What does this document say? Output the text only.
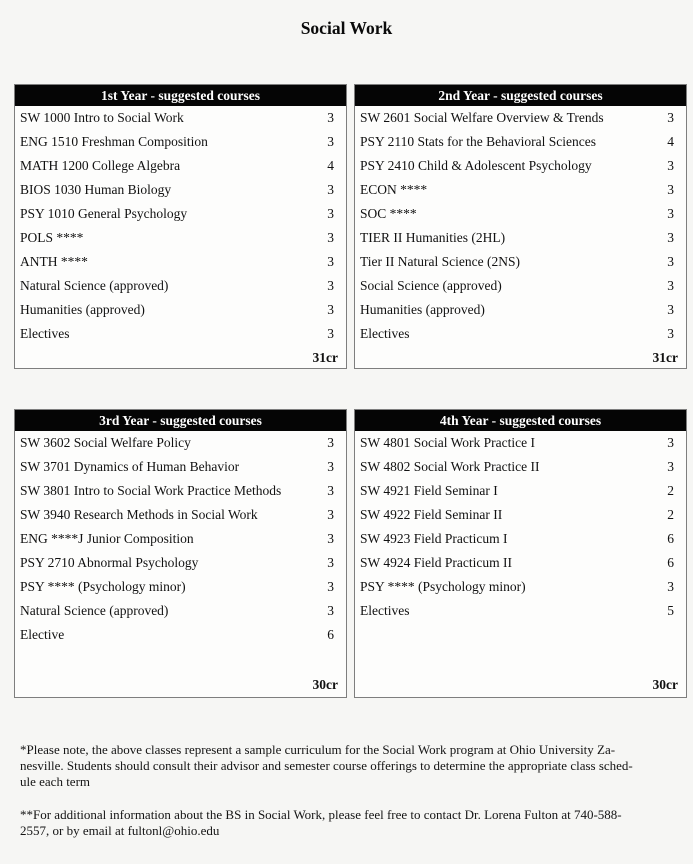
Social Work
1st Year - suggested courses
SW 1000 Intro to Social Work	3
ENG 1510 Freshman Composition	3
MATH 1200 College Algebra	4
BIOS 1030 Human Biology	3
PSY 1010 General Psychology	3
POLS ****	3
ANTH ****	3
Natural Science (approved)	3
Humanities (approved)	3
Electives	3
31cr
2nd Year - suggested courses
SW 2601 Social Welfare Overview & Trends	3
PSY 2110 Stats for the Behavioral Sciences	4
PSY 2410 Child & Adolescent Psychology	3
ECON ****	3
SOC ****	3
TIER II Humanities (2HL)	3
Tier II Natural Science (2NS)	3
Social Science (approved)	3
Humanities (approved)	3
Electives	3
31cr
3rd Year - suggested courses
SW 3602 Social Welfare Policy	3
SW 3701 Dynamics of Human Behavior	3
SW 3801 Intro to Social Work Practice Methods	3
SW 3940 Research Methods in Social Work	3
ENG ****J Junior Composition	3
PSY 2710 Abnormal Psychology	3
PSY **** (Psychology minor)	3
Natural Science (approved)	3
Elective	6
30cr
4th Year - suggested courses
SW 4801 Social Work Practice I	3
SW 4802 Social Work Practice II	3
SW 4921 Field Seminar I	2
SW 4922 Field Seminar II	2
SW 4923 Field Practicum I	6
SW 4924 Field Practicum II	6
PSY **** (Psychology minor)	3
Electives	5
30cr

*Please note, the above classes represent a sample curriculum for the Social Work program at Ohio University Za-
nesville. Students should consult their advisor and semester course offerings to determine the appropriate class sched-
ule each term

**For additional information about the BS in Social Work, please feel free to contact Dr. Lorena Fulton at 740-588-
2557, or by email at fultonl@ohio.edu
